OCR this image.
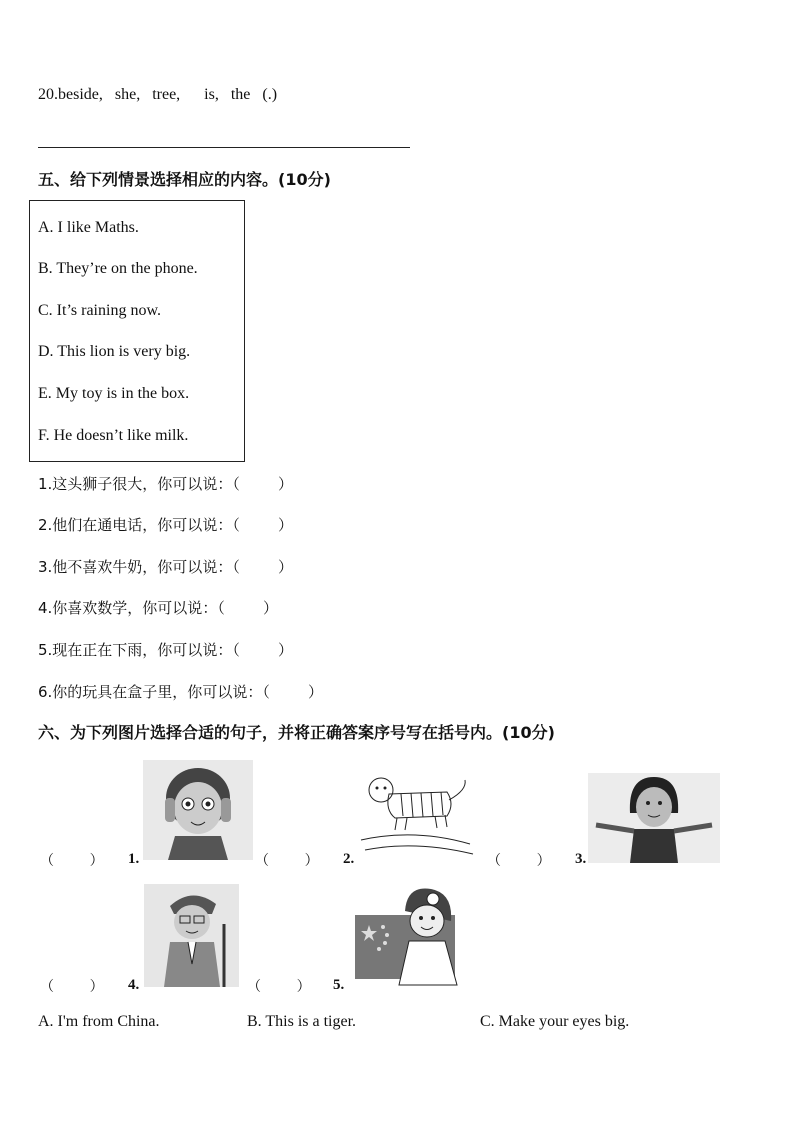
20.beside,   she,   tree,      is,   the   (.)
五、给下列情景选择相应的内容。(10分)
A. I like Maths.
B. They’re on the phone.
C. It’s raining now.
D. This lion is very big.
E. My toy is in the box.
F. He doesn’t like milk.
1.这头狮子很大，你可以说：（        ）
2.他们在通电话，你可以说：（        ）
3.他不喜欢牛奶，你可以说：（        ）
4.你喜欢数学，你可以说：（        ）
5.现在正在下雨，你可以说：（        ）
6.你的玩具在盒子里，你可以说：（        ）
六、为下列图片选择合适的句子，并将正确答案序号写在括号内。(10分)
（        ） 1.	（        ） 2.	（        ） 3.
（        ） 4.	（        ） 5.
A. I'm from China.	B. This is a tiger.	C. Make your eyes big.
